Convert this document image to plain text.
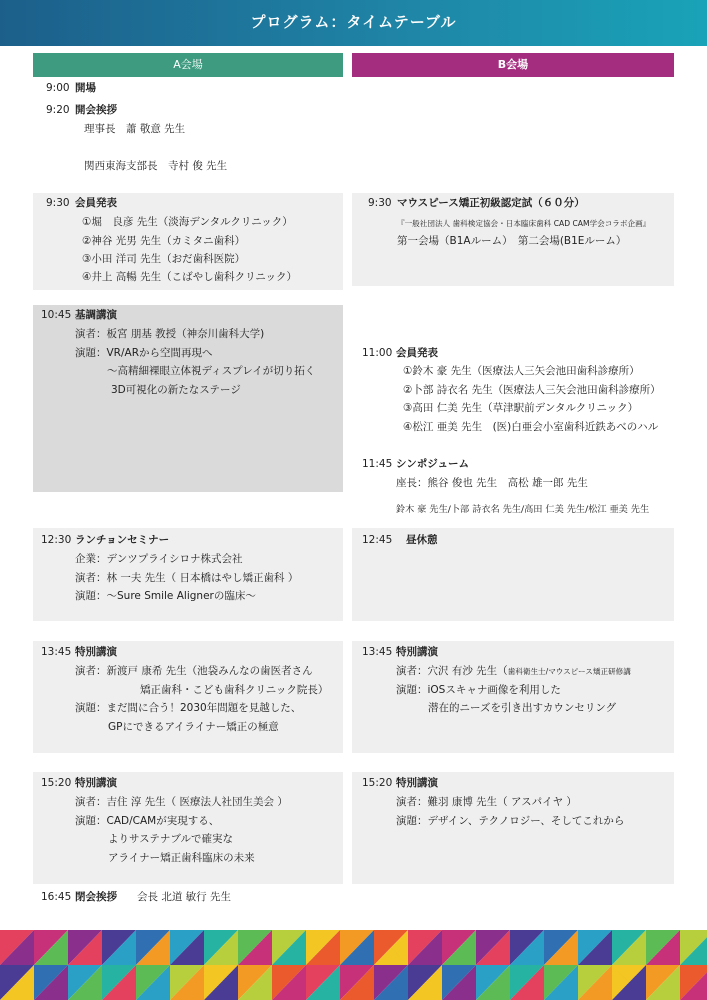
プログラム：タイムテーブル
A会場	B会場
9:00 開場
9:20 開会挨拶
理事長　蕭 敬意 先生
関西東海支部長　寺村 俊 先生
9:30 会員発表
①堀　良彦 先生（淡海デンタルクリニック）
②神谷 光男 先生（カミタニ歯科）
③小田 洋司 先生（おだ歯科医院）
④井上 高暢 先生（こばやし歯科クリニック）
10:45 基調講演
演者：板宮 朋基 教授（神奈川歯科大学)
演題：VR/ARから空間再現へ
〜高精細裸眼立体視ディスプレイが切り拓く
3D可視化の新たなステージ
12:30 ランチョンセミナー
企業：デンツプライシロナ株式会社
演者：林 一夫 先生（ 日本橋はやし矯正歯科 ）
演題：〜Sure Smile Alignerの臨床〜
13:45 特別講演
演者：新渡戸 康希 先生（池袋みんなの歯医者さん
矯正歯科・こども歯科クリニック院長）
演題：まだ間に合う！2030年問題を見越した、
GPにできるアイライナー矯正の極意
15:20 特別講演
演者：吉住 淳 先生（ 医療法人社団生美会 ）
演題：CAD/CAMが実現する、
よりサステナブルで確実な
アライナー矯正歯科臨床の未来
16:45 閉会挨拶 会長 北道 敏行 先生
9:30 マウスピース矯正初級認定試（６０分）
『一般社団法人 歯科検定協会・日本臨床歯科 CAD CAM学会コラボ企画』
第一会場（B1Aルーム）　第二会場(B1Eルーム）
11:00 会員発表
①鈴木 豪 先生（医療法人三矢会池田歯科診療所）
②卜部 詩衣名 先生（医療法人三矢会池田歯科診療所）
③高田 仁美 先生（草津駅前デンタルクリニック）
④松江 亜美 先生　(医)白亜会小室歯科近鉄あべのハル
11:45 シンポジューム
座長：熊谷 俊也 先生　高松 雄一郎 先生
鈴木 豪 先生/卜部 詩衣名 先生/高田 仁美 先生/松江 亜美 先生
12:45 昼休憩
13:45 特別講演
演者：穴沢 有沙 先生（歯科衛生士/マウスピース矯正研修講
演題：iOSスキャナ画像を利用した
潜在的ニーズを引き出すカウンセリング
15:20 特別講演
演者：難羽 康博 先生（ アスパイヤ ）
演題：デザイン、テクノロジー、そしてこれから
